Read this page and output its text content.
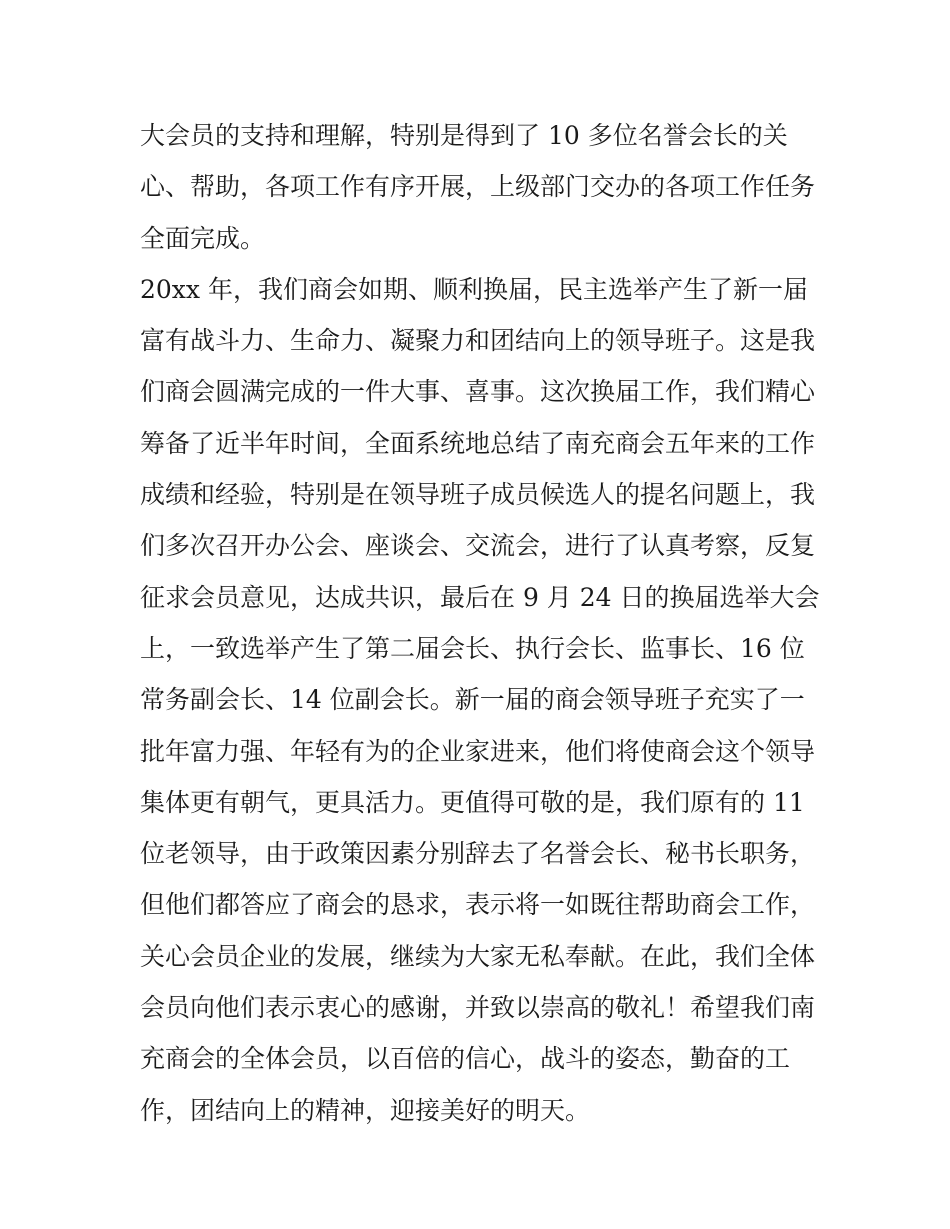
大会员的支持和理解，特别是得到了 10 多位名誉会长的关
心、帮助，各项工作有序开展，上级部门交办的各项工作任务
全面完成。
20xx 年，我们商会如期、顺利换届，民主选举产生了新一届
富有战斗力、生命力、凝聚力和团结向上的领导班子。这是我
们商会圆满完成的一件大事、喜事。这次换届工作，我们精心
筹备了近半年时间，全面系统地总结了南充商会五年来的工作
成绩和经验，特别是在领导班子成员候选人的提名问题上，我
们多次召开办公会、座谈会、交流会，进行了认真考察，反复
征求会员意见，达成共识，最后在 9 月 24 日的换届选举大会
上，一致选举产生了第二届会长、执行会长、监事长、16 位
常务副会长、14 位副会长。新一届的商会领导班子充实了一
批年富力强、年轻有为的企业家进来，他们将使商会这个领导
集体更有朝气，更具活力。更值得可敬的是，我们原有的 11
位老领导，由于政策因素分别辞去了名誉会长、秘书长职务，
但他们都答应了商会的恳求，表示将一如既往帮助商会工作，
关心会员企业的发展，继续为大家无私奉献。在此，我们全体
会员向他们表示衷心的感谢，并致以崇高的敬礼！希望我们南
充商会的全体会员，以百倍的信心，战斗的姿态，勤奋的工
作，团结向上的精神，迎接美好的明天。
